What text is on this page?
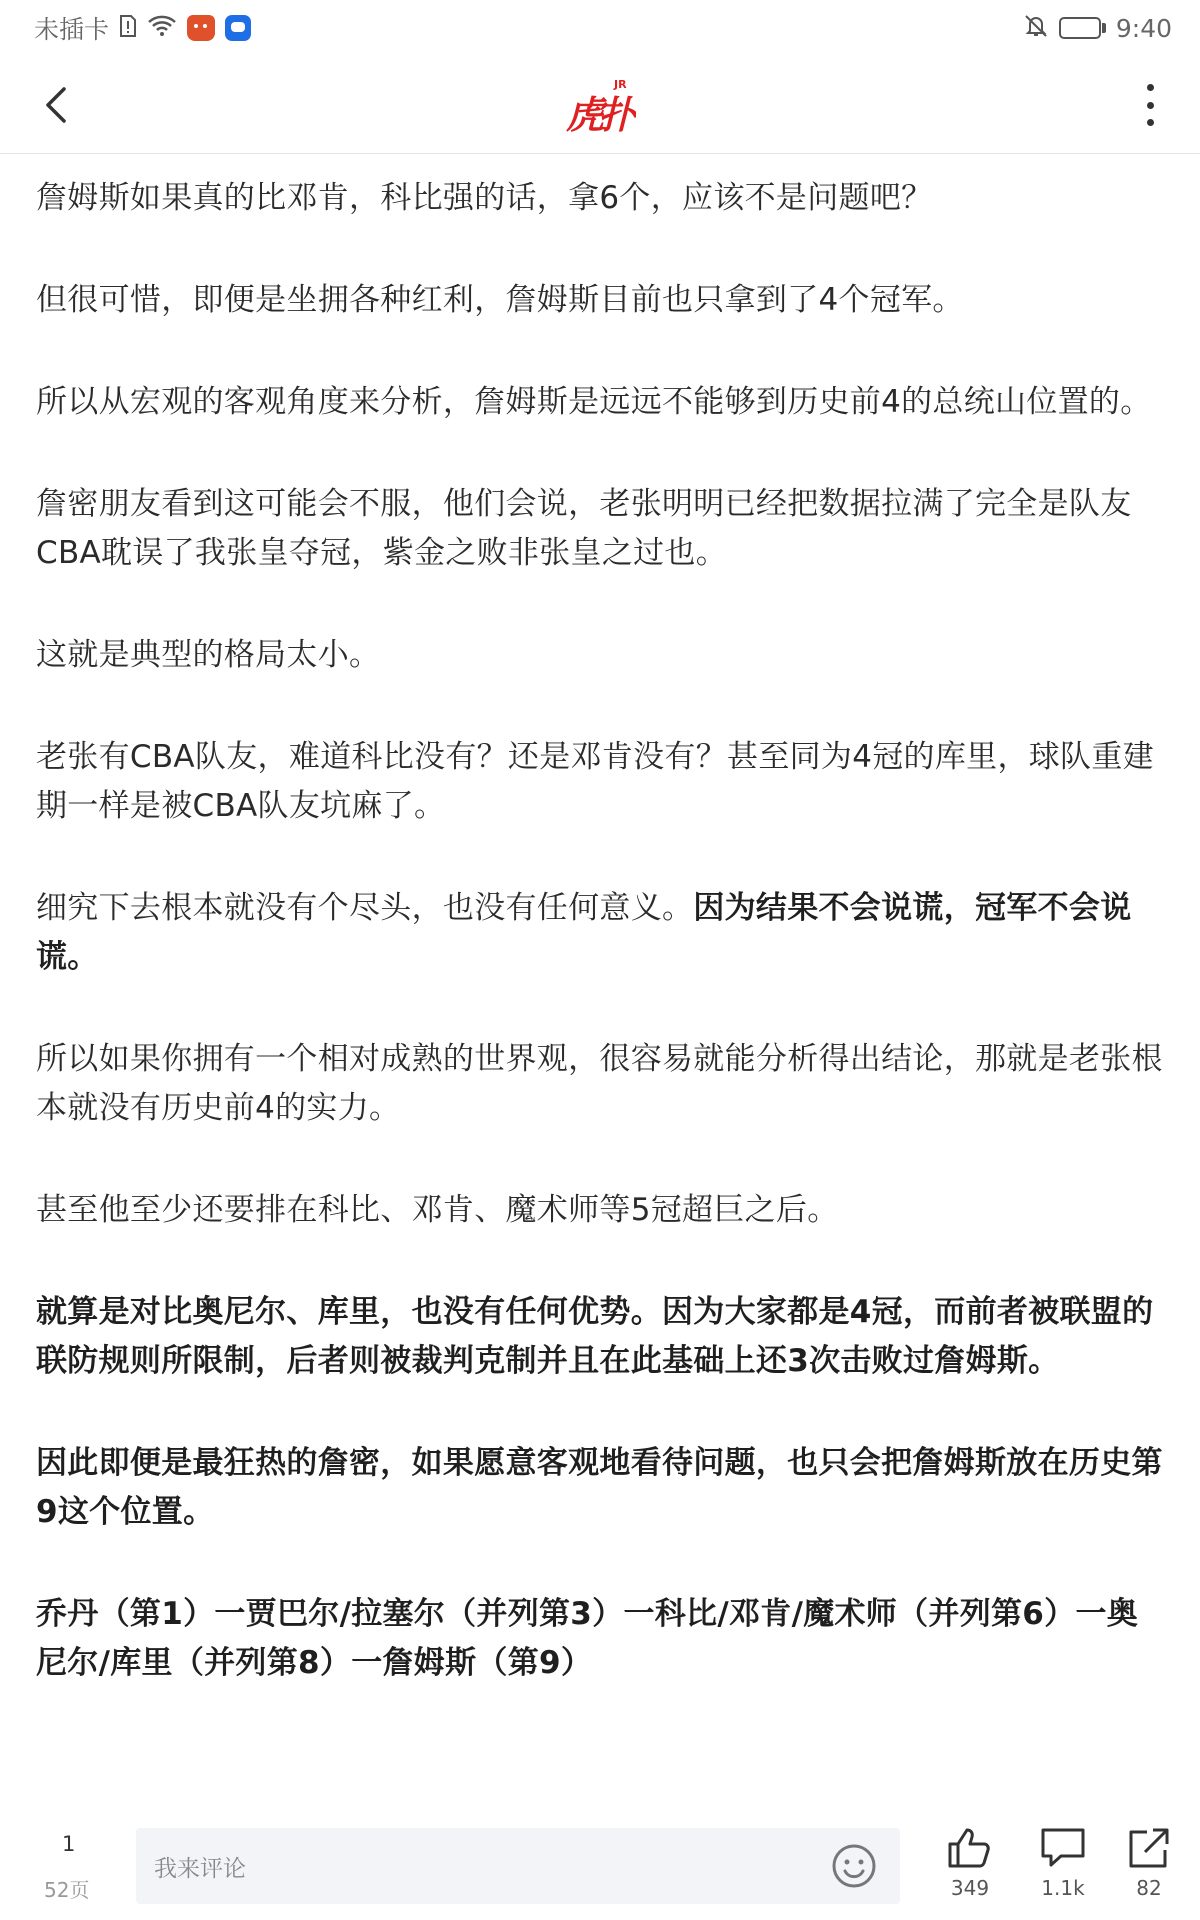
未插卡	9:40
JR
虎扑

詹姆斯如果真的比邓肯，科比强的话，拿6个，应该不是问题吧？

但很可惜，即便是坐拥各种红利，詹姆斯目前也只拿到了4个冠军。

所以从宏观的客观角度来分析，詹姆斯是远远不能够到历史前4的总统山位置的。

詹密朋友看到这可能会不服，他们会说，老张明明已经把数据拉满了完全是队友CBA耽误了我张皇夺冠，紫金之败非张皇之过也。

这就是典型的格局太小。

老张有CBA队友，难道科比没有？还是邓肯没有？甚至同为4冠的库里，球队重建期一样是被CBA队友坑麻了。

细究下去根本就没有个尽头，也没有任何意义。因为结果不会说谎，冠军不会说谎。

所以如果你拥有一个相对成熟的世界观，很容易就能分析得出结论，那就是老张根本就没有历史前4的实力。

甚至他至少还要排在科比、邓肯、魔术师等5冠超巨之后。

就算是对比奥尼尔、库里，也没有任何优势。因为大家都是4冠，而前者被联盟的联防规则所限制，后者则被裁判克制并且在此基础上还3次击败过詹姆斯。

因此即便是最狂热的詹密，如果愿意客观地看待问题，也只会把詹姆斯放在历史第9这个位置。

乔丹（第1）一贾巴尔/拉塞尔（并列第3）一科比/邓肯/魔术师（并列第6）一奥尼尔/库里（并列第8）一詹姆斯（第9）

1
52页
我来评论
349	1.1k	82
